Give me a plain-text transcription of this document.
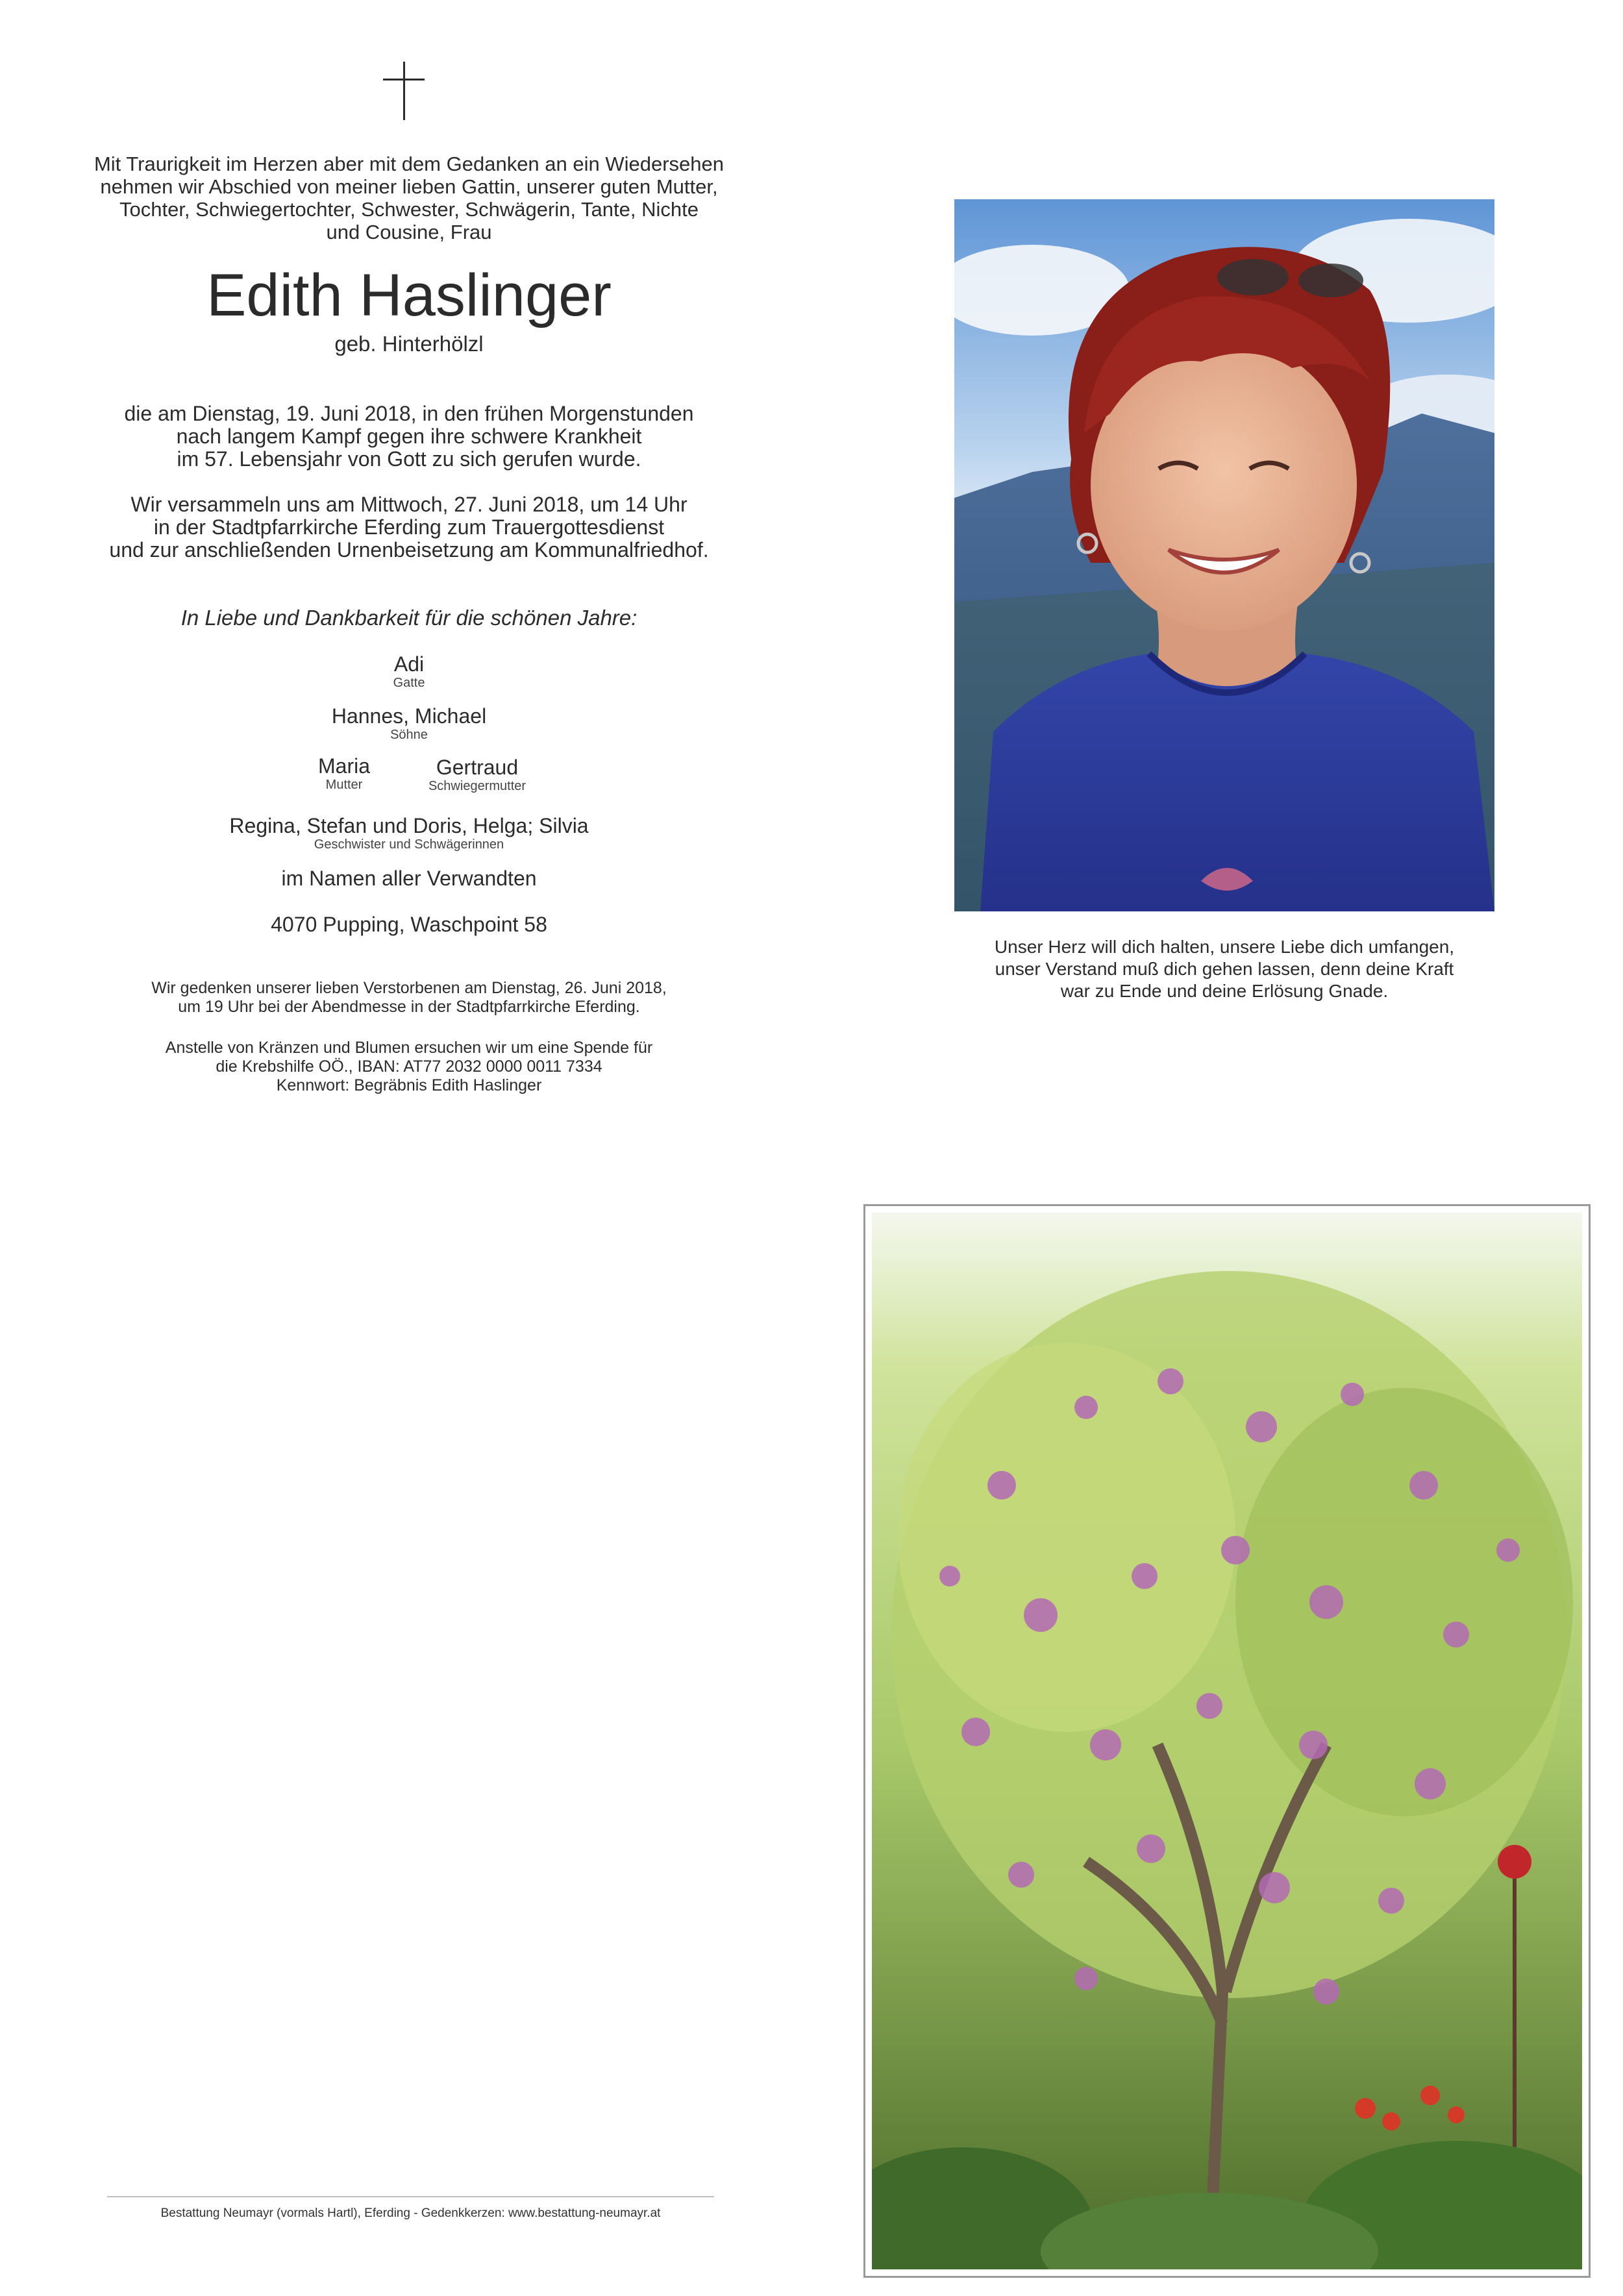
Mit Traurigkeit im Herzen aber mit dem Gedanken an ein Wiedersehen
nehmen wir Abschied von meiner lieben Gattin, unserer guten Mutter,
Tochter, Schwiegertochter, Schwester, Schwägerin, Tante, Nichte
und Cousine, Frau
Edith Haslinger
geb. Hinterhölzl
die am Dienstag, 19. Juni 2018, in den frühen Morgenstunden
nach langem Kampf gegen ihre schwere Krankheit
im 57. Lebensjahr von Gott zu sich gerufen wurde.
Wir versammeln uns am Mittwoch, 27. Juni 2018, um 14 Uhr
in der Stadtpfarrkirche Eferding zum Trauergottesdienst
und zur anschließenden Urnenbeisetzung am Kommunalfriedhof.
In Liebe und Dankbarkeit für die schönen Jahre:
Adi
Gatte
Hannes, Michael
Söhne
Maria
Mutter
Gertraud
Schwiegermutter
Regina, Stefan und Doris, Helga; Silvia
Geschwister und Schwägerinnen
im Namen aller Verwandten
4070 Pupping, Waschpoint 58
Wir gedenken unserer lieben Verstorbenen am Dienstag, 26. Juni 2018,
um 19 Uhr bei der Abendmesse in der Stadtpfarrkirche Eferding.
Anstelle von Kränzen und Blumen ersuchen wir um eine Spende für
die Krebshilfe OÖ., IBAN: AT77 2032 0000 0011 7334
Kennwort: Begräbnis Edith Haslinger
Unser Herz will dich halten, unsere Liebe dich umfangen,
unser Verstand muß dich gehen lassen, denn deine Kraft
war zu Ende und deine Erlösung Gnade.
Bestattung Neumayr (vormals Hartl), Eferding - Gedenkkerzen: www.bestattung-neumayr.at
